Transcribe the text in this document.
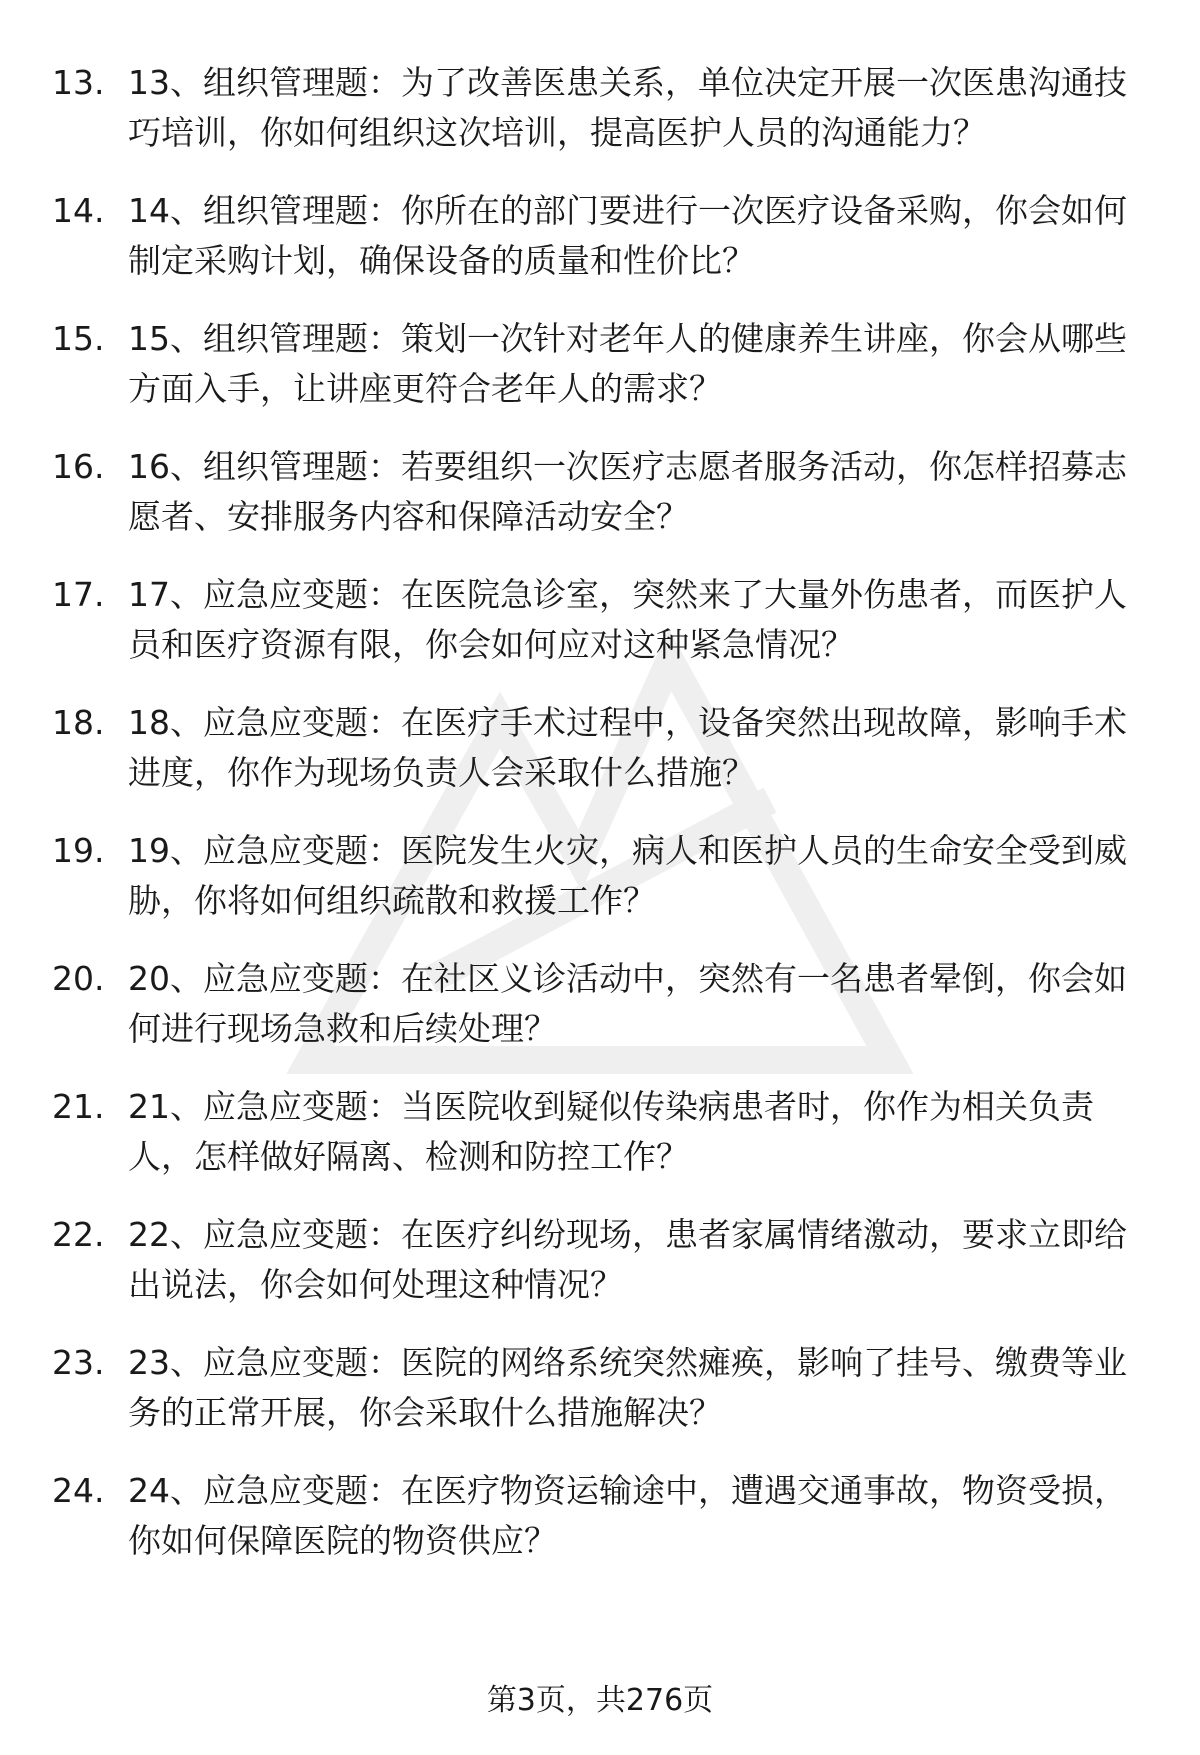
13. 13、组织管理题：为了改善医患关系，单位决定开展一次医患沟通技巧培训，你如何组织这次培训，提高医护人员的沟通能力？
14. 14、组织管理题：你所在的部门要进行一次医疗设备采购，你会如何制定采购计划，确保设备的质量和性价比？
15. 15、组织管理题：策划一次针对老年人的健康养生讲座，你会从哪些方面入手，让讲座更符合老年人的需求？
16. 16、组织管理题：若要组织一次医疗志愿者服务活动，你怎样招募志愿者、安排服务内容和保障活动安全？
17. 17、应急应变题：在医院急诊室，突然来了大量外伤患者，而医护人员和医疗资源有限，你会如何应对这种紧急情况？
18. 18、应急应变题：在医疗手术过程中，设备突然出现故障，影响手术进度，你作为现场负责人会采取什么措施？
19. 19、应急应变题：医院发生火灾，病人和医护人员的生命安全受到威胁，你将如何组织疏散和救援工作？
20. 20、应急应变题：在社区义诊活动中，突然有一名患者晕倒，你会如何进行现场急救和后续处理？
21. 21、应急应变题：当医院收到疑似传染病患者时，你作为相关负责人，怎样做好隔离、检测和防控工作？
22. 22、应急应变题：在医疗纠纷现场，患者家属情绪激动，要求立即给出说法，你会如何处理这种情况？
23. 23、应急应变题：医院的网络系统突然瘫痪，影响了挂号、缴费等业务的正常开展，你会采取什么措施解决？
24. 24、应急应变题：在医疗物资运输途中，遭遇交通事故，物资受损，你如何保障医院的物资供应？
第3页，共276页
